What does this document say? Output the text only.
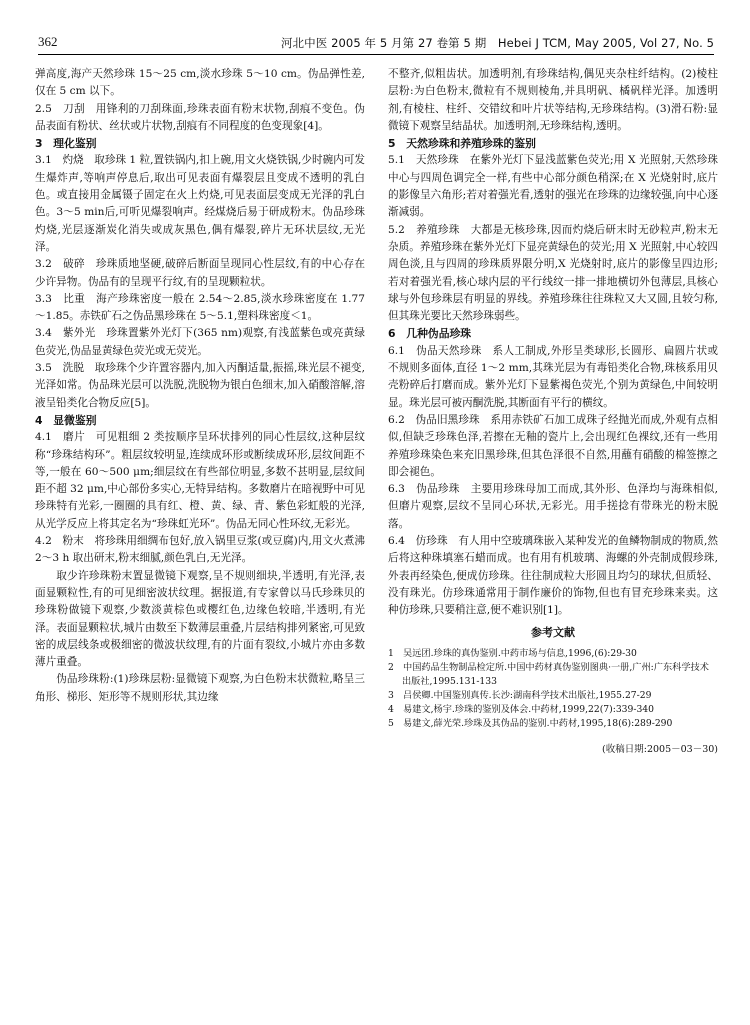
362	河北中医 2005 年 5 月第 27 卷第 5 期　Hebei J TCM, May 2005, Vol 27, No. 5

弹高度,海产天然珍珠 15～25 cm,淡水珍珠 5～10 cm。伪品弹性差,仅在 5 cm 以下。

2.5　刀刮　用锋利的刀刮珠面,珍珠表面有粉末状物,刮痕不变色。伪品表面有粉状、丝状或片状物,刮痕有不同程度的色变现象[4]。

3　理化鉴别

3.1　灼烧　取珍珠 1 粒,置铁锅内,扣上碗,用文火烧铁锅,少时碗内可发生爆炸声,等响声停息后,取出可见表面有爆裂层且变成不透明的乳白色。或直接用金属镊子固定在火上灼烧,可见表面层变成无光泽的乳白色。3～5 min后,可听见爆裂响声。经煤烧后易于研成粉末。伪品珍珠灼烧,光层逐渐炭化消失或成灰黑色,偶有爆裂,碎片无环状层纹,无光泽。

3.2　破碎　珍珠质地坚硬,破碎后断面呈现同心性层纹,有的中心存在少许异物。伪品有的呈现平行纹,有的呈现颗粒状。

3.3　比重　海产珍珠密度一般在 2.54～2.85,淡水珍珠密度在 1.77～1.85。赤铁矿石之伪品黑珍珠在 5～5.1,塑料珠密度＜1。

3.4　紫外光　珍珠置紫外光灯下(365 nm)观察,有浅蓝紫色或亮黄绿色荧光,伪品显黄绿色荧光或无荧光。

3.5　洗脱　取珍珠个少许置容器内,加入丙酮适量,振摇,珠光层不褪变,光泽如常。伪品珠光层可以洗脱,洗脱物为银白色细末,加入硝酸溶解,溶液呈铅类化合物反应[5]。

4　显微鉴别

4.1　磨片　可见粗细 2 类按顺序呈环状排列的同心性层纹,这种层纹称“珍珠结构环”。粗层纹较明显,连续成环形或断续成环形,层纹间距不等,一般在 60～500 μm;细层纹在有些部位明显,多数不甚明显,层纹间距不超 32 μm,中心部份多实心,无特异结构。多数磨片在暗视野中可见珍珠特有光彩,一圈圈的具有红、橙、黄、绿、青、紫色彩虹般的光泽,从光学反应上将其定名为“珍珠虹光环”。伪品无同心性环纹,无彩光。

4.2　粉末　将珍珠用细绸布包好,放入锅里豆浆(或豆腐)内,用文火煮沸 2～3 h 取出研末,粉末细腻,颜色乳白,无光泽。

取少许珍珠粉末置显微镜下观察,呈不规则细块,半透明,有光泽,表面显颗粒性,有的可见细密波状纹理。据报道,有专家曾以马氏珍珠贝的珍珠粉做镜下观察,少数淡黄棕色或樱红色,边缘色较暗,半透明,有光泽。表面显颗粒状,城片由数至下数薄层重叠,片层结构排列紧密,可见致密的成层线条或极细密的微波状纹理,有的片面有裂纹,小城片亦由多数薄片重叠。

伪品珍珠粉:(1)珍珠层粉:显微镜下观察,为白色粉末状微粒,略呈三角形、梯形、矩形等不规则形状,其边缘

不整齐,似粗齿状。加透明剂,有珍珠结构,偶见夹杂柱纤结构。(2)棱柱层粉:为白色粉末,微粒有不规则棱角,并具明矾、橘矾样光泽。加透明剂,有棱柱、柱纤、交错纹和叶片状等结构,无珍珠结构。(3)滑石粉:显微镜下观察呈结晶状。加透明剂,无珍珠结构,透明。

5　天然珍珠和养殖珍珠的鉴别

5.1　天然珍珠　在紫外光灯下显浅蓝紫色荧光;用 X 光照射,天然珍珠中心与四周色调完全一样,有些中心部分颜色稍深;在 X 光烧射时,底片的影像呈六角形;若对着强光看,透射的强光在珍珠的边缘较强,向中心逐渐减弱。

5.2　养殖珍珠　大都是无核珍珠,因而灼烧后研末时无砂粒声,粉末无杂质。养殖珍珠在紫外光灯下显亮黄绿色的荧光;用 X 光照射,中心较四周色淡,且与四周的珍珠质界限分明,X 光烧射时,底片的影像呈四边形;若对着强光看,核心球内层的平行线纹一排一排地横切外包薄层,具核心球与外包珍珠层有明显的界线。养殖珍珠往往珠粒又大又圆,且较匀称,但其珠光要比天然珍珠弱些。

6　几种伪品珍珠

6.1　伪品天然珍珠　系人工制成,外形呈类球形,长圆形、扁圆片状或不规则多面体,直径 1～2 mm,其珠光层为有毒铅类化合物,珠核系用贝壳粉碎后打磨而成。紫外光灯下显紫褐色荧光,个别为黄绿色,中间较明显。珠光层可被丙酮洗脱,其断面有平行的横纹。

6.2　伪品旧黑珍珠　系用赤铁矿石加工成珠子经抛光而成,外观有点相似,但缺乏珍珠色泽,若擦在无釉的瓷片上,会出现红色裸纹,还有一些用养殖珍珠染色来充旧黑珍珠,但其色泽很不自然,用蘸有硝酸的棉签擦之即会褪色。

6.3　伪品珍珠　主要用珍珠母加工而成,其外形、色泽均与海珠相似,但磨片观察,层纹不呈同心环状,无彩光。用手搓捻有带珠光的粉末脱落。

6.4　仿珍珠　有人用中空玻璃珠嵌入某种发光的鱼鳞物制成的物质,然后将这种珠填塞石蜡而成。也有用有机玻璃、海螺的外壳制成假珍珠,外表再经染色,便成仿珍珠。往往制成粒大形圆且均匀的球状,但质轻、没有珠光。仿珍珠通常用于制作廉价的饰物,但也有冒充珍珠来卖。这种仿珍珠,只要稍注意,便不难识别[1]。

参考文献

1　吴远团.珍珠的真伪鉴别.中药市场与信息,1996,(6):29-30

2　中国药品生物制品检定所.中国中药材真伪鉴别图典·一册,广州:广东科学技术出版社,1995.131-133

3　吕侯卿.中国鉴别真传.长沙:湖南科学技术出版社,1955.27-29

4　易建文,杨宇.珍珠的鉴别及体会.中药材,1999,22(7):339-340

5　易建文,薛光荣.珍珠及其伪品的鉴别.中药材,1995,18(6):289-290

(收稿日期:2005－03－30)
